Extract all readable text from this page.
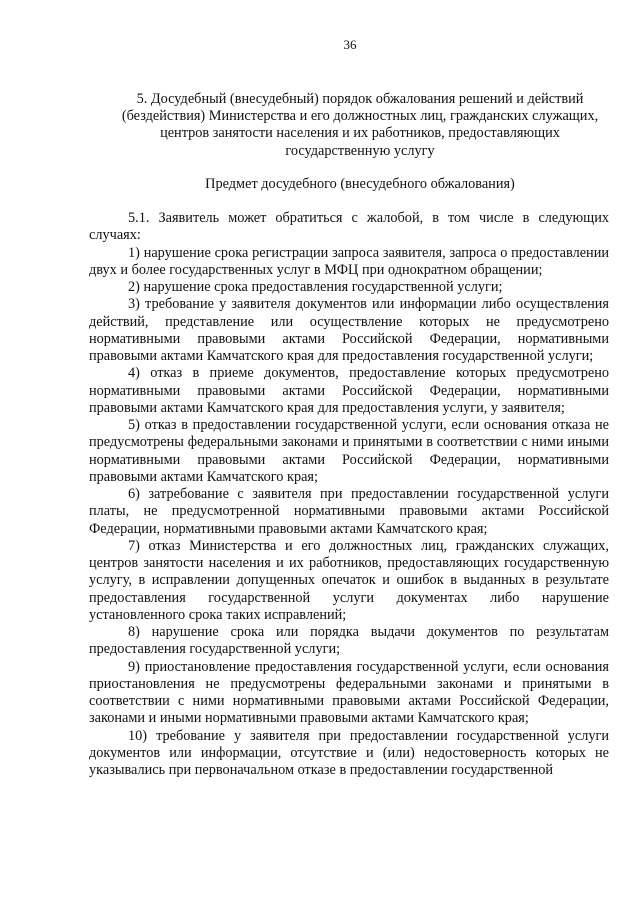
36
5. Досудебный (внесудебный) порядок обжалования решений и действий (бездействия) Министерства и его должностных лиц, гражданских служащих, центров занятости населения и их работников, предоставляющих государственную услугу
Предмет досудебного (внесудебного обжалования)

5.1. Заявитель может обратиться с жалобой, в том числе в следующих случаях:

1) нарушение срока регистрации запроса заявителя, запроса о предоставлении двух и более государственных услуг в МФЦ при однократном обращении;

2) нарушение срока предоставления государственной услуги;

3) требование у заявителя документов или информации либо осуществления действий, представление или осуществление которых не предусмотрено нормативными правовыми актами Российской Федерации, нормативными правовыми актами Камчатского края для предоставления государственной услуги;

4) отказ в приеме документов, предоставление которых предусмотрено нормативными правовыми актами Российской Федерации, нормативными правовыми актами Камчатского края для предоставления услуги, у заявителя;

5) отказ в предоставлении государственной услуги, если основания отказа не предусмотрены федеральными законами и принятыми в соответствии с ними иными нормативными правовыми актами Российской Федерации, нормативными правовыми актами Камчатского края;

6) затребование с заявителя при предоставлении государственной услуги платы, не предусмотренной нормативными правовыми актами Российской Федерации, нормативными правовыми актами Камчатского края;

7) отказ Министерства и его должностных лиц, гражданских служащих, центров занятости населения и их работников, предоставляющих государственную услугу, в исправлении допущенных опечаток и ошибок в выданных в результате предоставления государственной услуги документах либо нарушение установленного срока таких исправлений;

8) нарушение срока или порядка выдачи документов по результатам предоставления государственной услуги;

9) приостановление предоставления государственной услуги, если основания приостановления не предусмотрены федеральными законами и принятыми в соответствии с ними нормативными правовыми актами Российской Федерации, законами и иными нормативными правовыми актами Камчатского края;

10) требование у заявителя при предоставлении государственной услуги документов или информации, отсутствие и (или) недостоверность которых не указывались при первоначальном отказе в предоставлении государственной
